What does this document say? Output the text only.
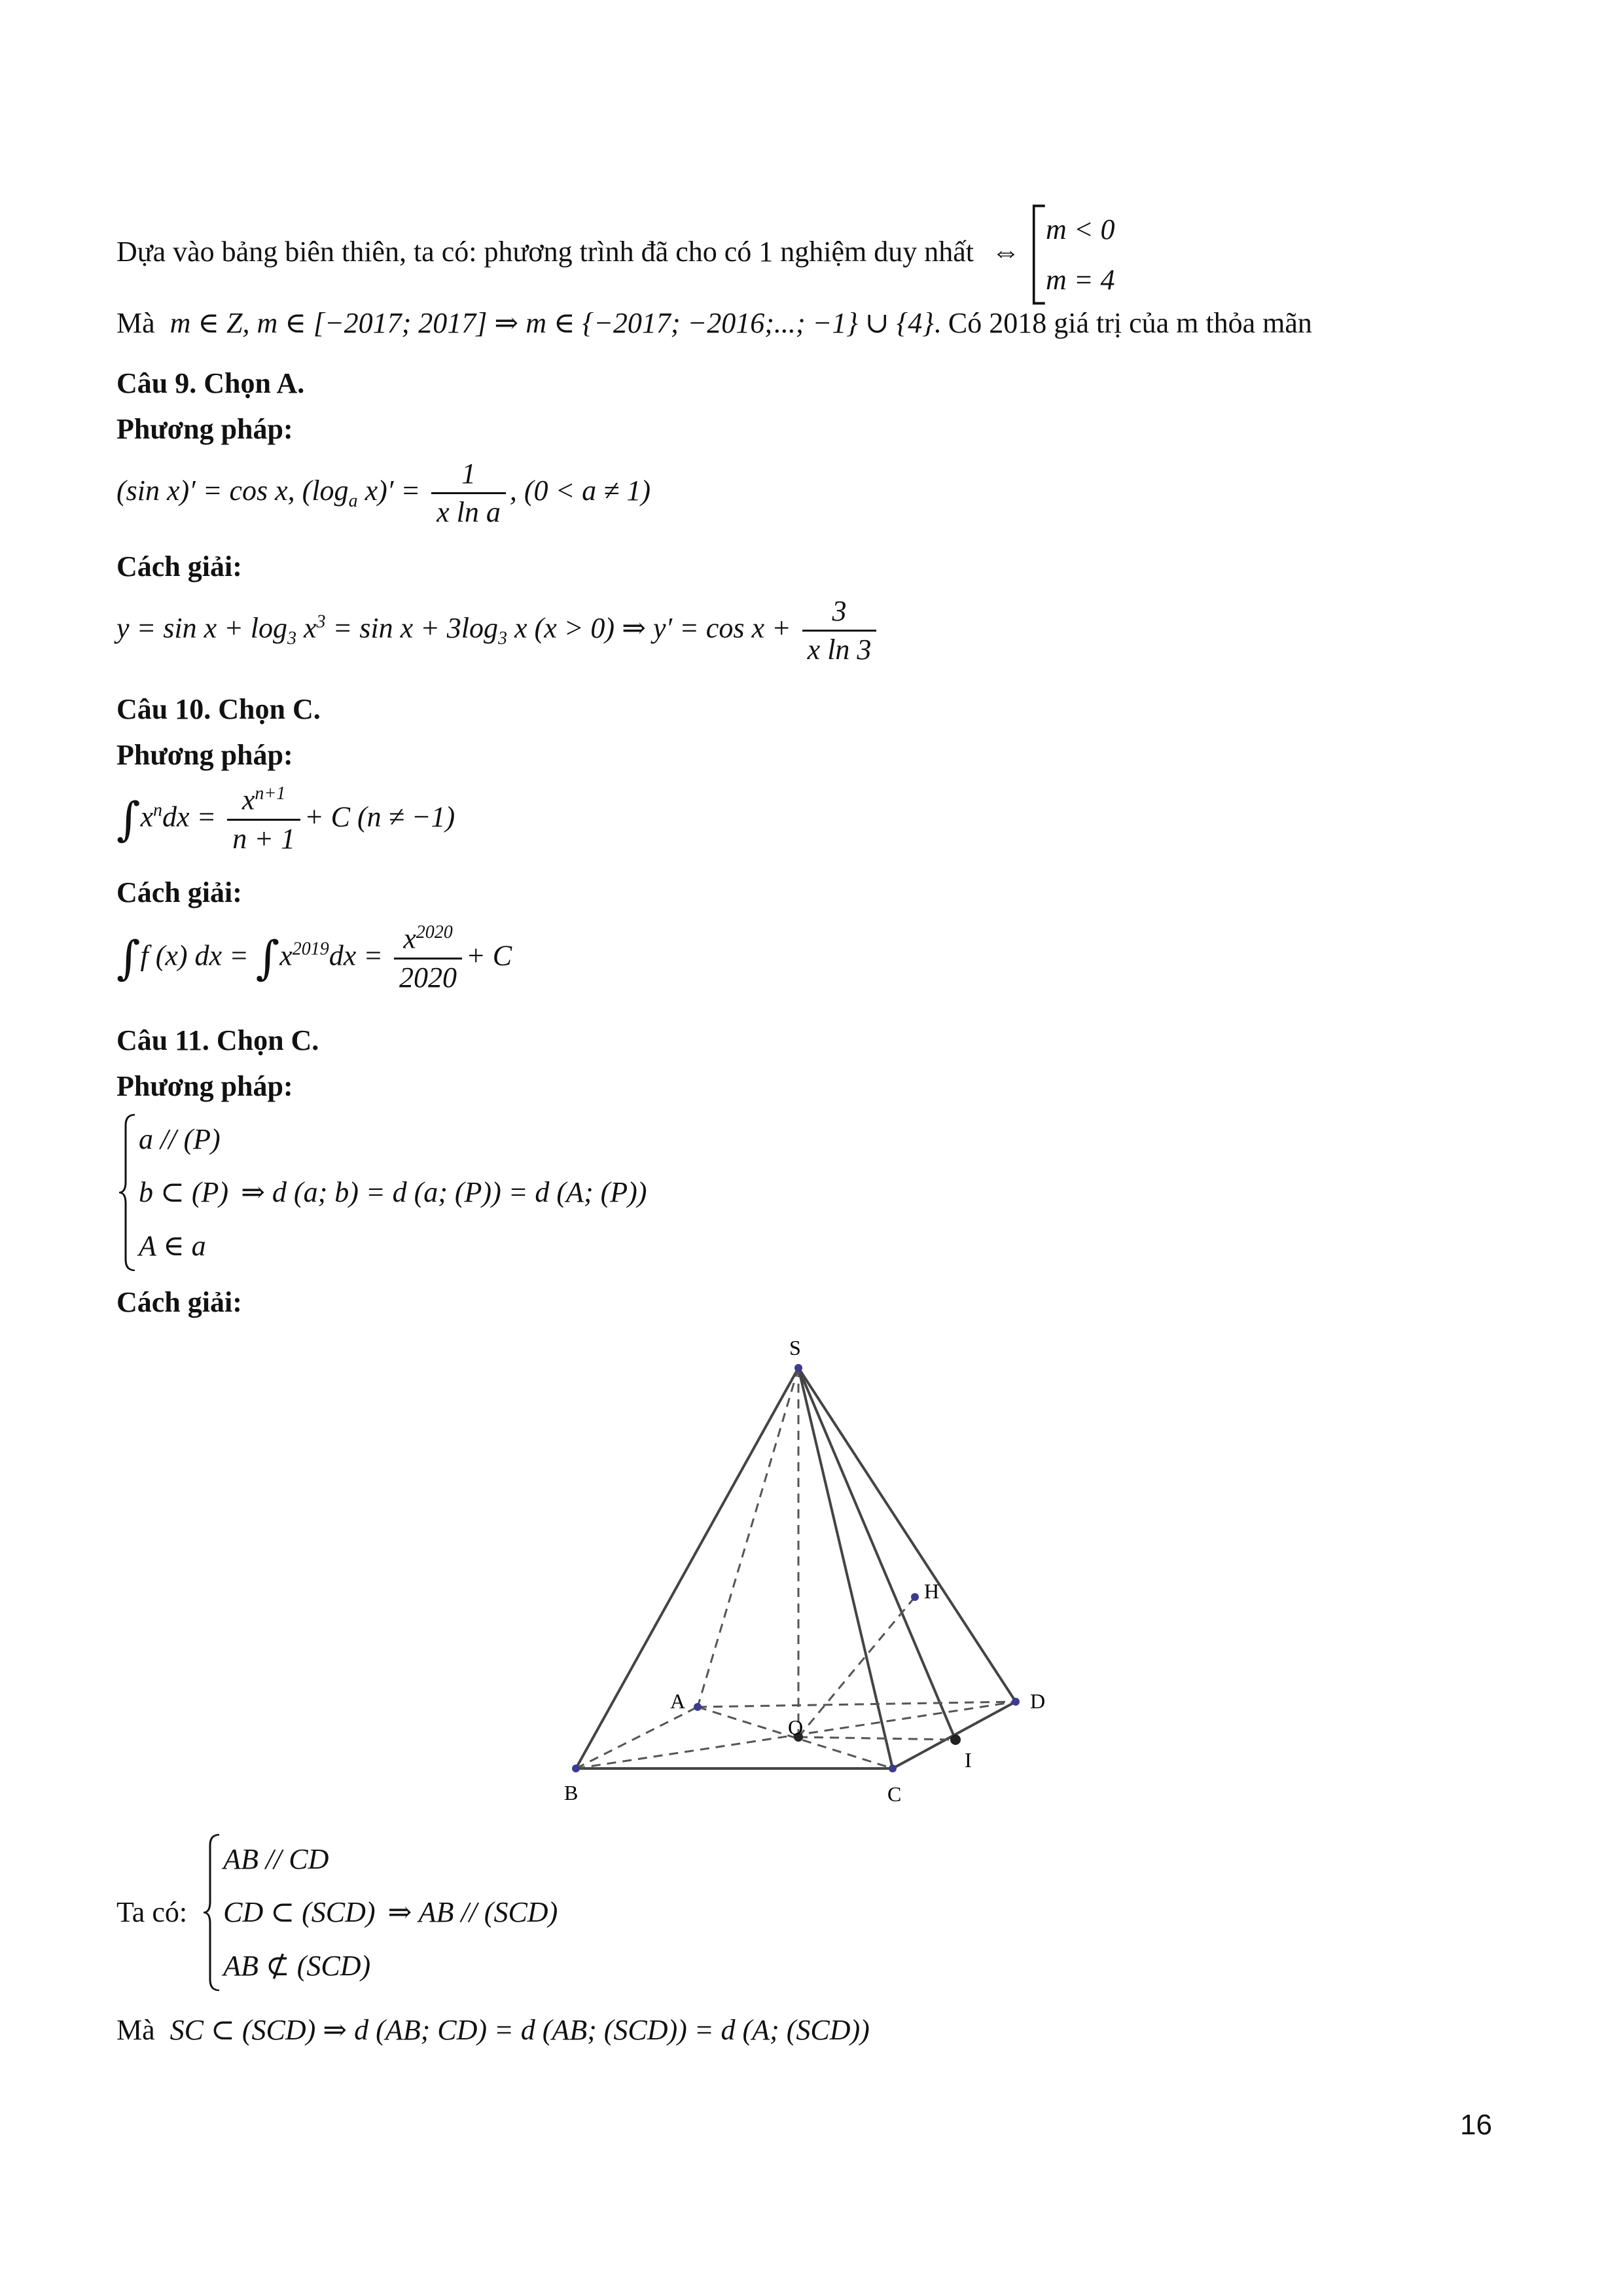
Dựa vào bảng biên thiên, ta có: phương trình đã cho có 1 nghiệm duy nhất ⇔
m < 0
m = 4
Mà m ∈ Z, m ∈ [−2017; 2017] ⇒ m ∈ {−2017; −2016;...; −1} ∪ {4}. Có 2018 giá trị của m thỏa mãn
Câu 9. Chọn A.
Phương pháp:
(sin x)′ = cos x, ($\log_a$ $x)' = \frac{1}{\text{x ln a}}$ , (0 < a ≠ 1)
Cách giải:
$y = \sin x + \log_3 x^3 = \sin x + 3\log_3$ x (x > 0) ⇒ $y' = \cos x + \frac{3}{\text{x ln 3}}$
Câu 10. Chọn C.
Phương pháp:
$\int x^ndx = \frac{x^{n+1}}{n + 1} + C$ (n ≠ −1)
Cách giải:
∫f (x) dx = $\int x^{2019}dx = \frac{x^{2020}}{2020} + C$
Câu 11. Chọn C.
Phương pháp:
a // (P)
b ⊂ (P)
A ∈ a
⇒ d (a; b) = d (a; (P)) = d (A; (P))
Cách giải:
S
A
B	C
D
O
I
H
Ta có:
AB // CD
CD ⊂ (SCD)
AB ⊄ (SCD)
⇒ AB // (SCD)
Mà SC ⊂ (SCD) ⇒ d (AB; CD) = d (AB; (SCD)) = d (A; (SCD))
16
